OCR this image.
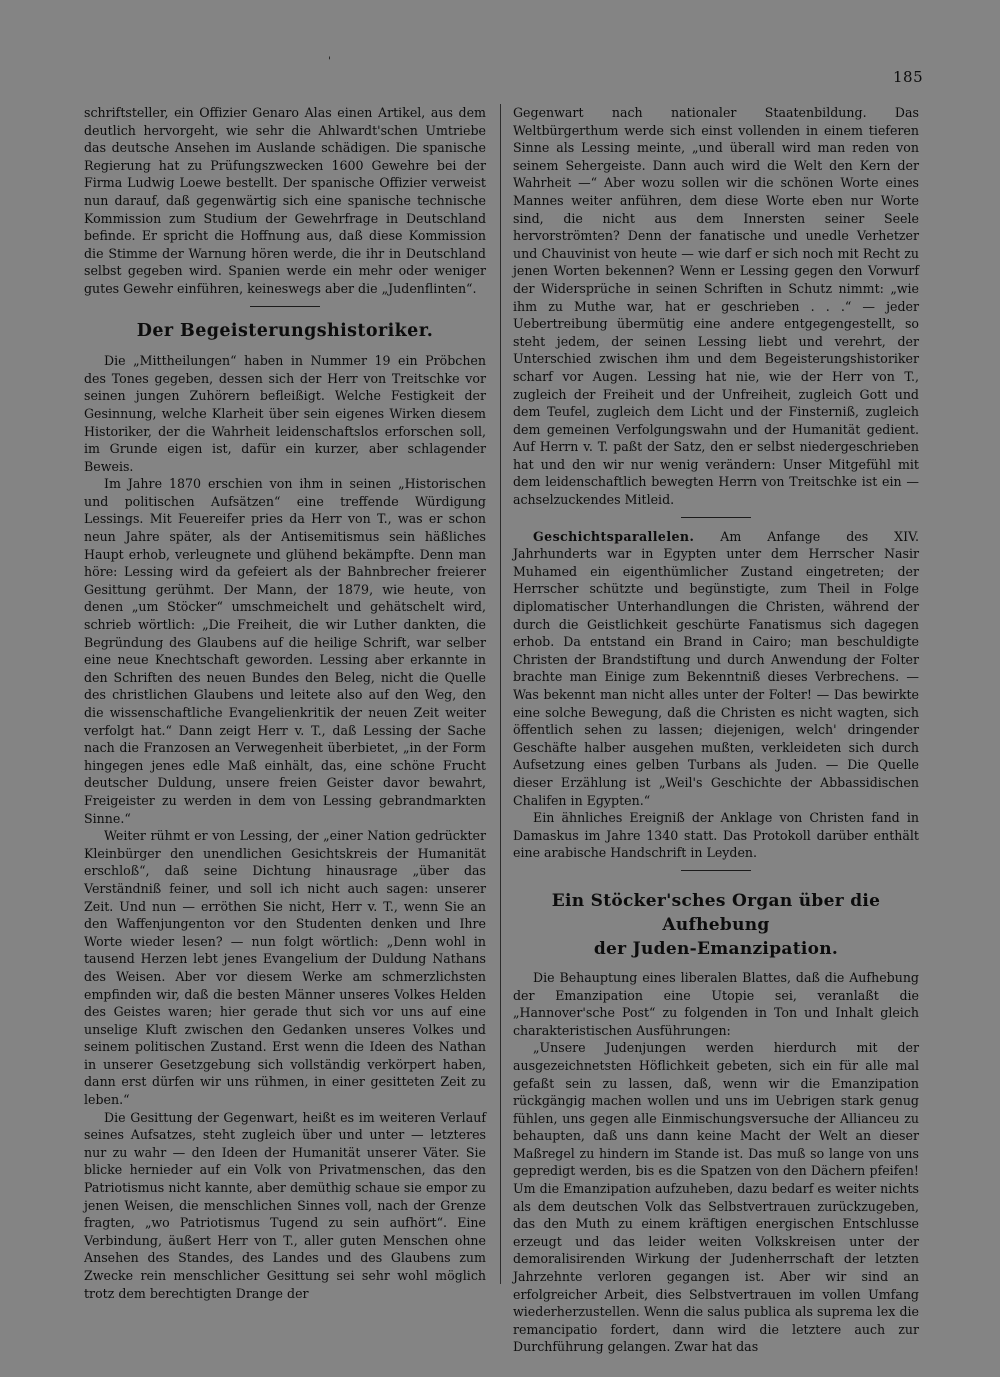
'
185

schriftsteller, ein Offizier Genaro Alas einen Artikel, aus dem deutlich hervorgeht, wie sehr die Ahlwardt'schen Umtriebe das deutsche Ansehen im Auslande schädigen. Die spanische Regierung hat zu Prüfungszwecken 1600 Gewehre bei der Firma Ludwig Loewe bestellt. Der spanische Offizier verweist nun darauf, daß gegenwärtig sich eine spanische technische Kommission zum Studium der Gewehrfrage in Deutschland befinde. Er spricht die Hoffnung aus, daß diese Kommission die Stimme der Warnung hören werde, die ihr in Deutschland selbst gegeben wird. Spanien werde ein mehr oder weniger gutes Gewehr einführen, keineswegs aber die „Judenflinten“.

Der Begeisterungshistoriker.

Die „Mittheilungen“ haben in Nummer 19 ein Pröbchen des Tones gegeben, dessen sich der Herr von Treitschke vor seinen jungen Zuhörern befleißigt. Welche Festigkeit der Gesinnung, welche Klarheit über sein eigenes Wirken diesem Historiker, der die Wahrheit leidenschaftslos erforschen soll, im Grunde eigen ist, dafür ein kurzer, aber schlagender Beweis.

Im Jahre 1870 erschien von ihm in seinen „Historischen und politischen Aufsätzen“ eine treffende Würdigung Lessings. Mit Feuereifer pries da Herr von T., was er schon neun Jahre später, als der Antisemitismus sein häßliches Haupt erhob, verleugnete und glühend bekämpfte. Denn man höre: Lessing wird da gefeiert als der Bahnbrecher freierer Gesittung gerühmt. Der Mann, der 1879, wie heute, von denen „um Stöcker“ umschmeichelt und gehätschelt wird, schrieb wörtlich: „Die Freiheit, die wir Luther dankten, die Begründung des Glaubens auf die heilige Schrift, war selber eine neue Knechtschaft geworden. Lessing aber erkannte in den Schriften des neuen Bundes den Beleg, nicht die Quelle des christlichen Glaubens und leitete also auf den Weg, den die wissenschaftliche Evangelienkritik der neuen Zeit weiter verfolgt hat.“ Dann zeigt Herr v. T., daß Lessing der Sache nach die Franzosen an Verwegenheit überbietet, „in der Form hingegen jenes edle Maß einhält, das, eine schöne Frucht deutscher Duldung, unsere freien Geister davor bewahrt, Freigeister zu werden in dem von Lessing gebrandmarkten Sinne.“

Weiter rühmt er von Lessing, der „einer Nation gedrückter Kleinbürger den unendlichen Gesichtskreis der Humanität erschloß“, daß seine Dichtung hinausrage „über das Verständniß feiner, und soll ich nicht auch sagen: unserer Zeit. Und nun — erröthen Sie nicht, Herr v. T., wenn Sie an den Waffenjungenton vor den Studenten denken und Ihre Worte wieder lesen? — nun folgt wörtlich: „Denn wohl in tausend Herzen lebt jenes Evangelium der Duldung Nathans des Weisen. Aber vor diesem Werke am schmerzlichsten empfinden wir, daß die besten Männer unseres Volkes Helden des Geistes waren; hier gerade thut sich vor uns auf eine unselige Kluft zwischen den Gedanken unseres Volkes und seinem politischen Zustand. Erst wenn die Ideen des Nathan in unserer Gesetzgebung sich vollständig verkörpert haben, dann erst dürfen wir uns rühmen, in einer gesitteten Zeit zu leben.“

Die Gesittung der Gegenwart, heißt es im weiteren Verlauf seines Aufsatzes, steht zugleich über und unter — letzteres nur zu wahr — den Ideen der Humanität unserer Väter. Sie blicke hernieder auf ein Volk von Privatmenschen, das den Patriotismus nicht kannte, aber demüthig schaue sie empor zu jenen Weisen, die menschlichen Sinnes voll, nach der Grenze fragten, „wo Patriotismus Tugend zu sein aufhört“. Eine Verbindung, äußert Herr von T., aller guten Menschen ohne Ansehen des Standes, des Landes und des Glaubens zum Zwecke rein menschlicher Gesittung sei sehr wohl möglich trotz dem berechtigten Drange der

Gegenwart nach nationaler Staatenbildung. Das Weltbürgerthum werde sich einst vollenden in einem tieferen Sinne als Lessing meinte, „und überall wird man reden von seinem Sehergeiste. Dann auch wird die Welt den Kern der Wahrheit —“ Aber wozu sollen wir die schönen Worte eines Mannes weiter anführen, dem diese Worte eben nur Worte sind, die nicht aus dem Innersten seiner Seele hervorströmten? Denn der fanatische und unedle Verhetzer und Chauvinist von heute — wie darf er sich noch mit Recht zu jenen Worten bekennen? Wenn er Lessing gegen den Vorwurf der Widersprüche in seinen Schriften in Schutz nimmt: „wie ihm zu Muthe war, hat er geschrieben . . .“ — jeder Uebertreibung übermütig eine andere entgegengestellt, so steht jedem, der seinen Lessing liebt und verehrt, der Unterschied zwischen ihm und dem Begeisterungshistoriker scharf vor Augen. Lessing hat nie, wie der Herr von T., zugleich der Freiheit und der Unfreiheit, zugleich Gott und dem Teufel, zugleich dem Licht und der Finsterniß, zugleich dem gemeinen Verfolgungswahn und der Humanität gedient. Auf Herrn v. T. paßt der Satz, den er selbst niedergeschrieben hat und den wir nur wenig verändern: Unser Mitgefühl mit dem leidenschaftlich bewegten Herrn von Treitschke ist ein — achselzuckendes Mitleid.

Geschichtsparallelen. Am Anfange des XIV. Jahrhunderts war in Egypten unter dem Herrscher Nasir Muhamed ein eigenthümlicher Zustand eingetreten; der Herrscher schützte und begünstigte, zum Theil in Folge diplomatischer Unterhandlungen die Christen, während der durch die Geistlichkeit geschürte Fanatismus sich dagegen erhob. Da entstand ein Brand in Cairo; man beschuldigte Christen der Brandstiftung und durch Anwendung der Folter brachte man Einige zum Bekenntniß dieses Verbrechens. — Was bekennt man nicht alles unter der Folter! — Das bewirkte eine solche Bewegung, daß die Christen es nicht wagten, sich öffentlich sehen zu lassen; diejenigen, welch' dringender Geschäfte halber ausgehen mußten, verkleideten sich durch Aufsetzung eines gelben Turbans als Juden. — Die Quelle dieser Erzählung ist „Weil's Geschichte der Abbassidischen Chalifen in Egypten.“

Ein ähnliches Ereigniß der Anklage von Christen fand in Damaskus im Jahre 1340 statt. Das Protokoll darüber enthält eine arabische Handschrift in Leyden.

Ein Stöcker'sches Organ über die Aufhebung
der Juden-Emanzipation.

Die Behauptung eines liberalen Blattes, daß die Aufhebung der Emanzipation eine Utopie sei, veranlaßt die „Hannover'sche Post“ zu folgenden in Ton und Inhalt gleich charakteristischen Ausführungen:

„Unsere Judenjungen werden hierdurch mit der ausgezeichnetsten Höflichkeit gebeten, sich ein für alle mal gefaßt sein zu lassen, daß, wenn wir die Emanzipation rückgängig machen wollen und uns im Uebrigen stark genug fühlen, uns gegen alle Einmischungsversuche der Allianceu zu behaupten, daß uns dann keine Macht der Welt an dieser Maßregel zu hindern im Stande ist. Das muß so lange von uns gepredigt werden, bis es die Spatzen von den Dächern pfeifen! Um die Emanzipation aufzuheben, dazu bedarf es weiter nichts als dem deutschen Volk das Selbstvertrauen zurückzugeben, das den Muth zu einem kräftigen energischen Entschlusse erzeugt und das leider weiten Volkskreisen unter der demoralisirenden Wirkung der Judenherrschaft der letzten Jahrzehnte verloren gegangen ist. Aber wir sind an erfolgreicher Arbeit, dies Selbstvertrauen im vollen Umfang wiederherzustellen. Wenn die salus publica als suprema lex die remancipatio fordert, dann wird die letztere auch zur Durchführung gelangen. Zwar hat das
